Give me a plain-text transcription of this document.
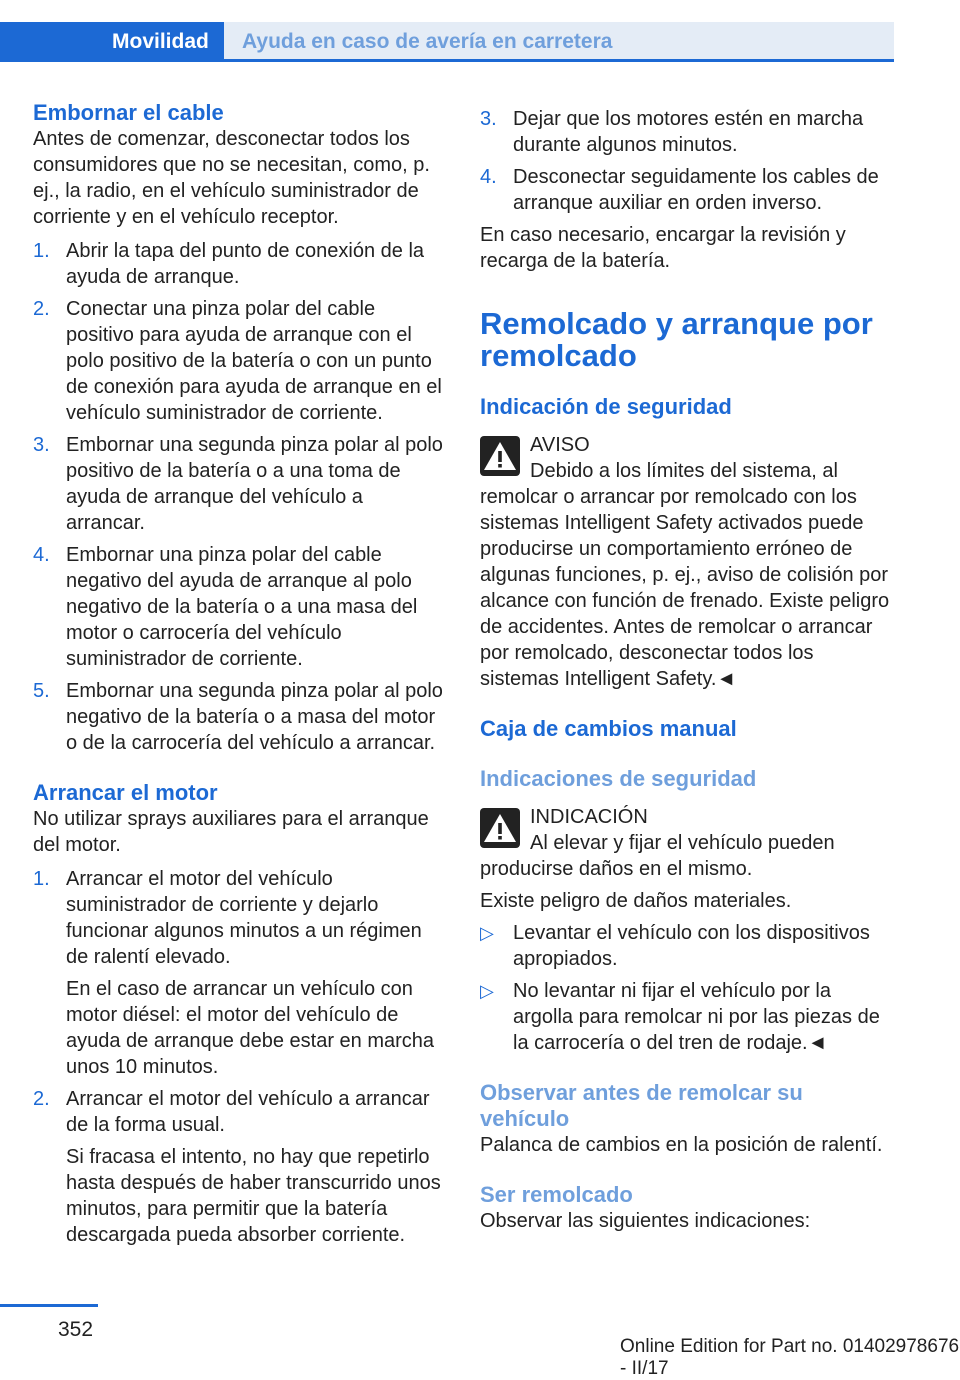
Movilidad	Ayuda en caso de avería en carretera
Embornar el cable

Antes de comenzar, desconectar todos los consumidores que no se necesitan, como, p. ej., la radio, en el vehículo suministrador de corriente y en el vehículo receptor.

1. Abrir la tapa del punto de conexión de la ayuda de arranque.
2. Conectar una pinza polar del cable positivo para ayuda de arranque con el polo positivo de la batería o con un punto de conexión para ayuda de arranque en el vehículo suministrador de corriente.
3. Embornar una segunda pinza polar al polo positivo de la batería o a una toma de ayuda de arranque del vehículo a arrancar.
4. Embornar una pinza polar del cable negativo del ayuda de arranque al polo negativo de la batería o a una masa del motor o carrocería del vehículo suministrador de corriente.
5. Embornar una segunda pinza polar al polo negativo de la batería o a masa del motor o de la carrocería del vehículo a arrancar.
Arrancar el motor

No utilizar sprays auxiliares para el arranque del motor.

1. Arrancar el motor del vehículo suministrador de corriente y dejarlo funcionar algunos minutos a un régimen de ralentí elevado.
En el caso de arrancar un vehículo con motor diésel: el motor del vehículo de ayuda de arranque debe estar en marcha unos 10 minutos.
2. Arrancar el motor del vehículo a arrancar de la forma usual.
Si fracasa el intento, no hay que repetirlo hasta después de haber transcurrido unos minutos, para permitir que la batería descargada pueda absorber corriente.
3. Dejar que los motores estén en marcha durante algunos minutos.
4. Desconectar seguidamente los cables de arranque auxiliar en orden inverso.

En caso necesario, encargar la revisión y recarga de la batería.

Remolcado y arranque por remolcado
Indicación de seguridad
AVISO
Debido a los límites del sistema, al remolcar o arrancar por remolcado con los sistemas Intelligent Safety activados puede producirse un comportamiento erróneo de algunas funciones, p. ej., aviso de colisión por alcance con función de frenado. Existe peligro de accidentes. Antes de remolcar o arrancar por remolcado, desconectar todos los sistemas Intelligent Safety.◄
Caja de cambios manual
Indicaciones de seguridad
INDICACIÓN
Al elevar y fijar el vehículo pueden producirse daños en el mismo.

Existe peligro de daños materiales.

▷ Levantar el vehículo con los dispositivos apropiados.
▷ No levantar ni fijar el vehículo por la argolla para remolcar ni por las piezas de la carrocería o del tren de rodaje.◄
Observar antes de remolcar su vehículo

Palanca de cambios en la posición de ralentí.

Ser remolcado

Observar las siguientes indicaciones:

352
Online Edition for Part no. 01402978676 - II/17
